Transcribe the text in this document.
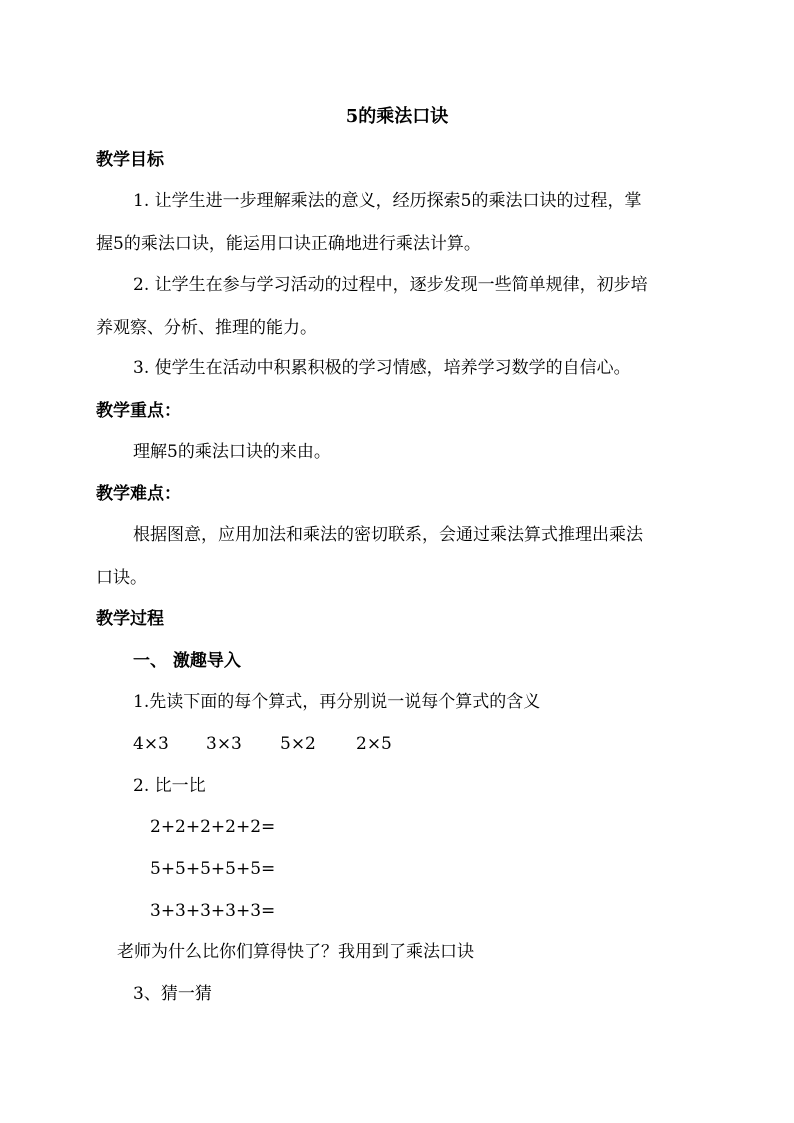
5的乘法口诀
教学目标
1. 让学生进一步理解乘法的意义，经历探索5的乘法口诀的过程，掌
握5的乘法口诀，能运用口诀正确地进行乘法计算。
2. 让学生在参与学习活动的过程中，逐步发现一些简单规律，初步培
养观察、分析、推理的能力。
3. 使学生在活动中积累积极的学习情感，培养学习数学的自信心。
教学重点：
理解5的乘法口诀的来由。
教学难点：
根据图意，应用加法和乘法的密切联系，会通过乘法算式推理出乘法
口诀。
教学过程
一、 激趣导入
1.先读下面的每个算式，再分别说一说每个算式的含义
4×3 3×3 5×2 2×5
2. 比一比
2+2+2+2+2=
5+5+5+5+5=
3+3+3+3+3=
老师为什么比你们算得快了？我用到了乘法口诀
3、猜一猜
